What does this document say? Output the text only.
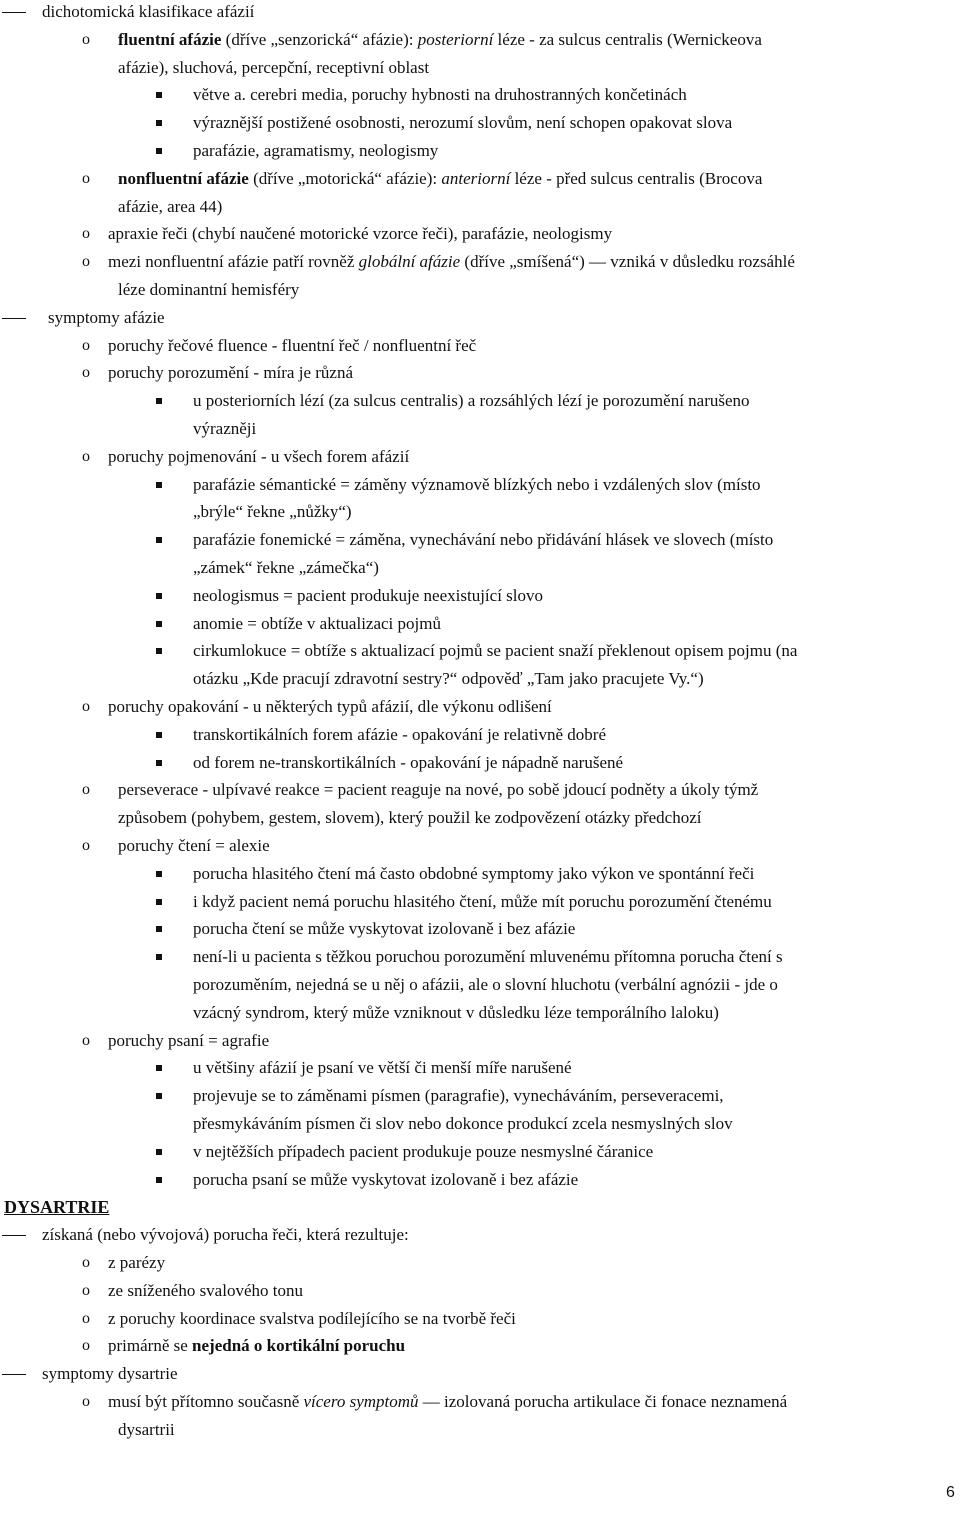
dichotomická klasifikace afázií
o fluentní afázie (dříve „senzorická“ afázie): posteriorní léze - za sulcus centralis (Wernickeova
afázie), sluchová, percepční, receptivní oblast
větve a. cerebri media, poruchy hybnosti na druhostranných končetinách
výraznější postižené osobnosti, nerozumí slovům, není schopen opakovat slova
parafázie, agramatismy, neologismy
o nonfluentní afázie (dříve „motorická“ afázie): anteriorní léze - před sulcus centralis (Brocova
afázie, area 44)
o apraxie řeči (chybí naučené motorické vzorce řeči), parafázie, neologismy
o mezi nonfluentní afázie patří rovněž globální afázie (dříve „smíšená“) — vzniká v důsledku rozsáhlé
léze dominantní hemisféry
symptomy afázie
o poruchy řečové fluence - fluentní řeč / nonfluentní řeč
o poruchy porozumění - míra je různá
u posteriorních lézí (za sulcus centralis) a rozsáhlých lézí je porozumění narušeno
výrazněji
o poruchy pojmenování - u všech forem afázií
parafázie sémantické = záměny významově blízkých nebo i vzdálených slov (místo
„brýle“ řekne „nůžky“)
parafázie fonemické = záměna, vynechávání nebo přidávání hlásek ve slovech (místo
„zámek“ řekne „zámečka“)
neologismus = pacient produkuje neexistující slovo
anomie = obtíže v aktualizaci pojmů
cirkumlokuce = obtíže s aktualizací pojmů se pacient snaží překlenout opisem pojmu (na
otázku „Kde pracují zdravotní sestry?“ odpověď „Tam jako pracujete Vy.“)
o poruchy opakování - u některých typů afázií, dle výkonu odlišení
transkortikálních forem afázie - opakování je relativně dobré
od forem ne-transkortikálních - opakování je nápadně narušené
o perseverace - ulpívavé reakce = pacient reaguje na nové, po sobě jdoucí podněty a úkoly týmž
způsobem (pohybem, gestem, slovem), který použil ke zodpovězení otázky předchozí
o poruchy čtení = alexie
porucha hlasitého čtení má často obdobné symptomy jako výkon ve spontánní řeči
i když pacient nemá poruchu hlasitého čtení, může mít poruchu porozumění čtenému
porucha čtení se může vyskytovat izolovaně i bez afázie
není-li u pacienta s těžkou poruchou porozumění mluvenému přítomna porucha čtení s
porozuměním, nejedná se u něj o afázii, ale o slovní hluchotu (verbální agnózii - jde o
vzácný syndrom, který může vzniknout v důsledku léze temporálního laloku)
o poruchy psaní = agrafie
u většiny afázií je psaní ve větší či menší míře narušené
projevuje se to záměnami písmen (paragrafie), vynecháváním, perseveracemi,
přesmykáváním písmen či slov nebo dokonce produkcí zcela nesmyslných slov
v nejtěžších případech pacient produkuje pouze nesmyslné čáranice
porucha psaní se může vyskytovat izolovaně i bez afázie
DYSARTRIE
získaná (nebo vývojová) porucha řeči, která rezultuje:
o z parézy
o ze sníženého svalového tonu
o z poruchy koordinace svalstva podílejícího se na tvorbě řeči
o primárně se nejedná o kortikální poruchu
symptomy dysartrie
o musí být přítomno současně vícero symptomů — izolovaná porucha artikulace či fonace neznamená
dysartrii
6
